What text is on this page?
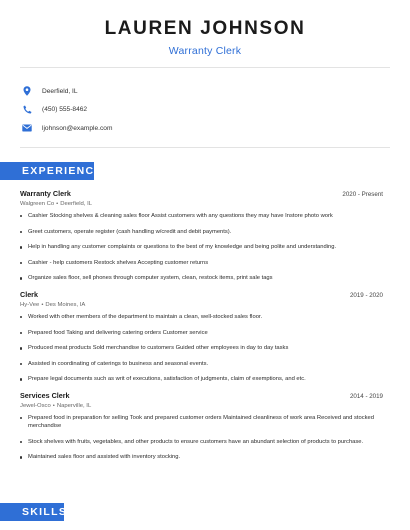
LAUREN JOHNSON
Warranty Clerk
Deerfield, IL
(450) 555-8462
ljohnson@example.com
EXPERIENCE
Warranty Clerk	2020 - Present
Walgreen Co • Deerfield, IL
Cashier Stocking shelves & cleaning sales floor Assist customers with any questions they may have Instore photo work
Greet customers, operate register (cash handling w/credit and debit payments).
Help in handling any customer complaints or questions to the best of my knowledge and being polite and understanding.
Cashier - help customers Restock shelves Accepting customer returns
Organize sales floor, sell phones through computer system, clean, restock items, print sale tags
Clerk	2019 - 2020
Hy-Vee • Des Moines, IA
Worked with other members of the department to maintain a clean, well-stocked sales floor.
Prepared food Taking and delivering catering orders Customer service
Produced meat products Sold merchandise to customers Guided other employees in day to day tasks
Assisted in coordinating of caterings to business and seasonal events.
Prepare legal documents such as writ of executions, satisfaction of judgments, claim of exemptions, and etc.
Services Clerk	2014 - 2019
Jewel-Osco • Naperville, IL
Prepared food in preparation for selling Took and prepared customer orders Maintained cleanliness of work area Received and stocked merchandise
Stock shelves with fruits, vegetables, and other products to ensure customers have an abundant selection of products to purchase.
Maintained sales floor and assisted with inventory stocking.
SKILLS
